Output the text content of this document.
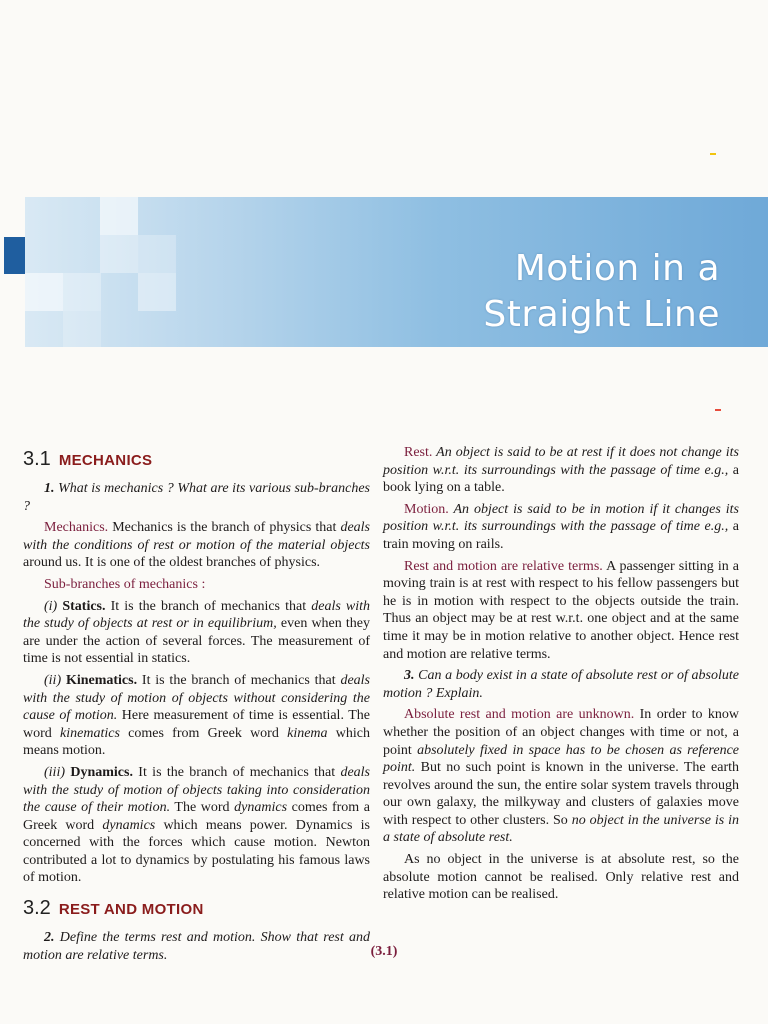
Motion in a
Straight Line
3.1 MECHANICS

1. What is mechanics ? What are its various sub-branches ?

Mechanics. Mechanics is the branch of physics that deals with the conditions of rest or motion of the material objects around us. It is one of the oldest branches of physics.

Sub-branches of mechanics :

(i) Statics. It is the branch of mechanics that deals with the study of objects at rest or in equilibrium, even when they are under the action of several forces. The measurement of time is not essential in statics.

(ii) Kinematics. It is the branch of mechanics that deals with the study of motion of objects without considering the cause of motion. Here measurement of time is essential. The word kinematics comes from Greek word kinema which means motion.

(iii) Dynamics. It is the branch of mechanics that deals with the study of motion of objects taking into consideration the cause of their motion. The word dynamics comes from a Greek word dynamics which means power. Dynamics is concerned with the forces which cause motion. Newton contributed a lot to dynamics by postulating his famous laws of motion.

3.2 REST AND MOTION

2. Define the terms rest and motion. Show that rest and motion are relative terms.

Rest. An object is said to be at rest if it does not change its position w.r.t. its surroundings with the passage of time e.g., a book lying on a table.

Motion. An object is said to be in motion if it changes its position w.r.t. its surroundings with the passage of time e.g., a train moving on rails.

Rest and motion are relative terms. A passenger sitting in a moving train is at rest with respect to his fellow passengers but he is in motion with respect to the objects outside the train. Thus an object may be at rest w.r.t. one object and at the same time it may be in motion relative to another object. Hence rest and motion are relative terms.

3. Can a body exist in a state of absolute rest or of absolute motion ? Explain.

Absolute rest and motion are unknown. In order to know whether the position of an object changes with time or not, a point absolutely fixed in space has to be chosen as reference point. But no such point is known in the universe. The earth revolves around the sun, the entire solar system travels through our own galaxy, the milkyway and clusters of galaxies move with respect to other clusters. So no object in the universe is in a state of absolute rest.

As no object in the universe is at absolute rest, so the absolute motion cannot be realised. Only relative rest and relative motion can be realised.

(3.1)
